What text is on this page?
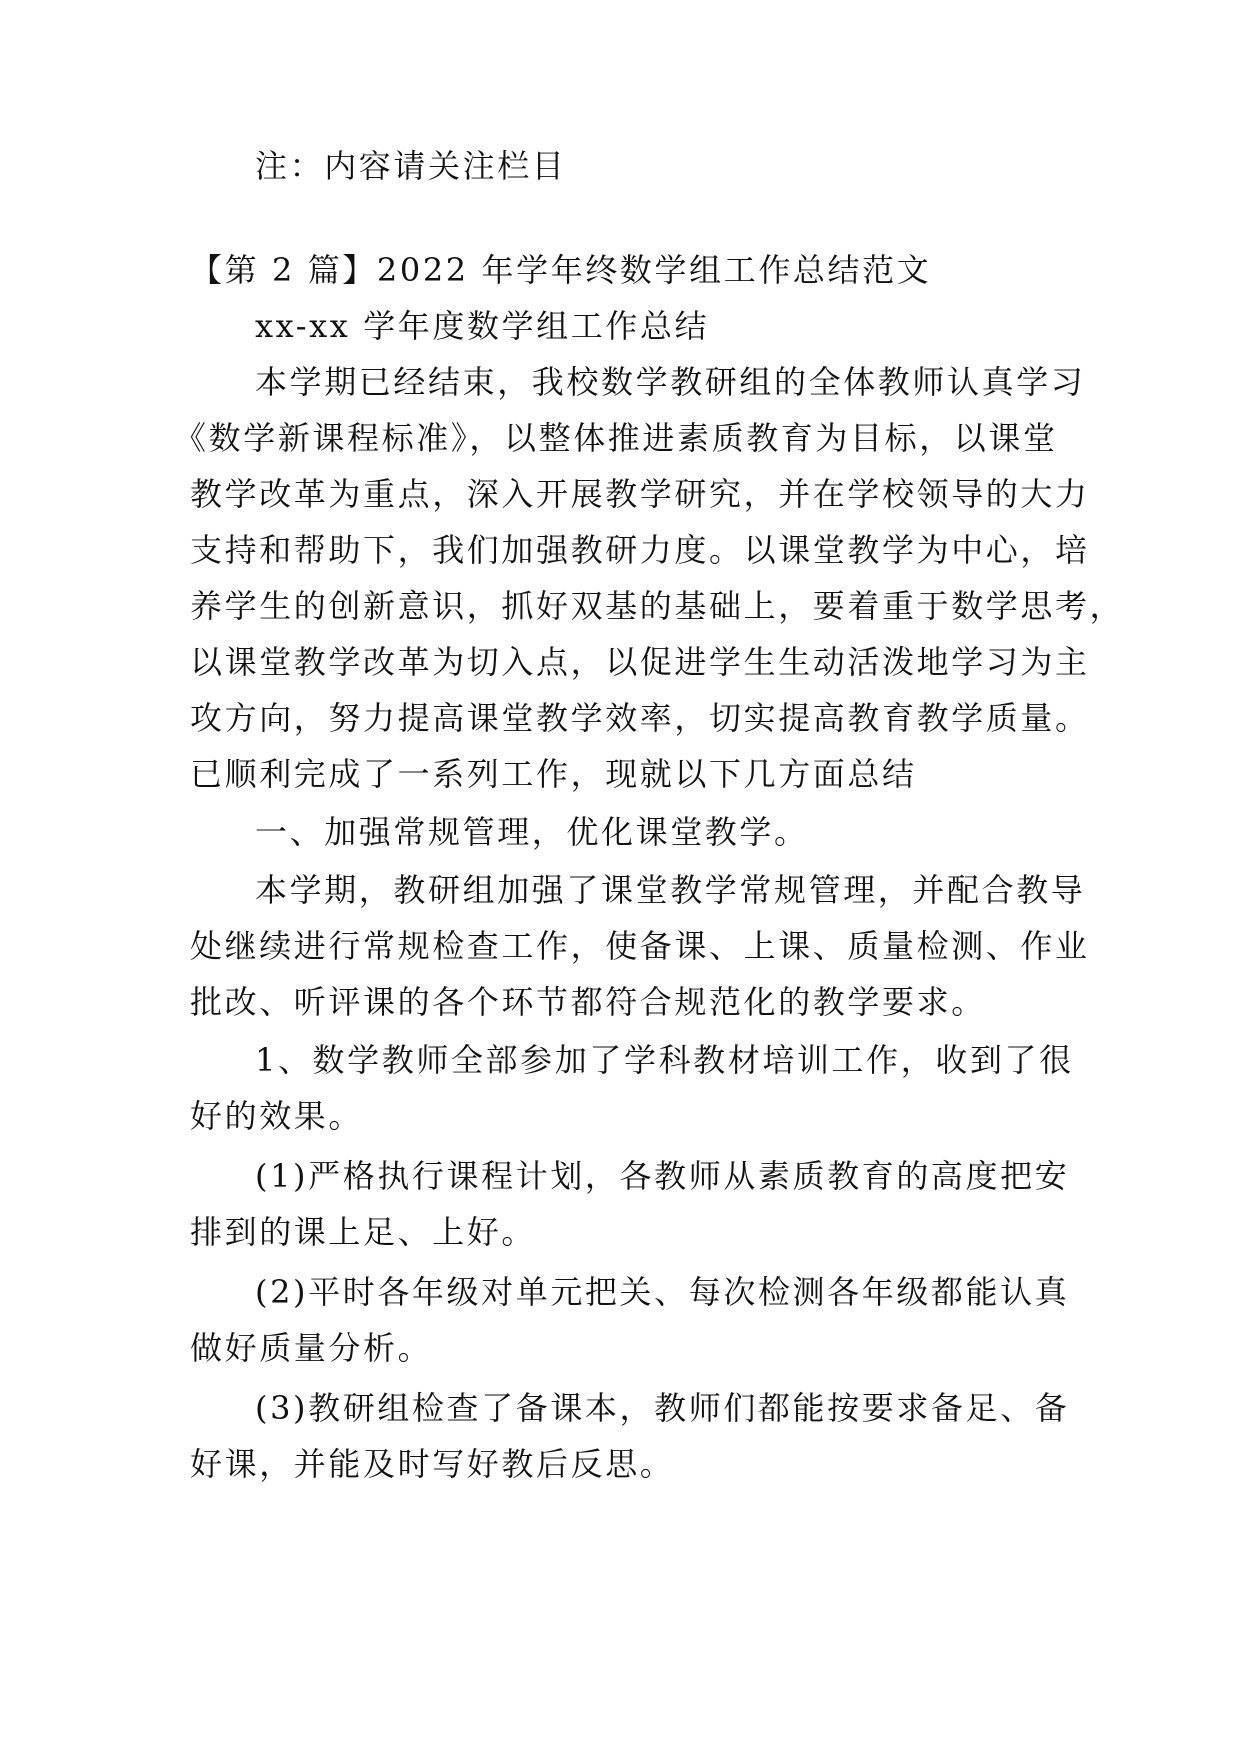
注：内容请关注栏目
【第 2 篇】2022 年学年终数学组工作总结范文
xx-xx 学年度数学组工作总结
本学期已经结束，我校数学教研组的全体教师认真学习
《数学新课程标准》，以整体推进素质教育为目标，以课堂
教学改革为重点，深入开展教学研究，并在学校领导的大力
支持和帮助下，我们加强教研力度。以课堂教学为中心，培
养学生的创新意识，抓好双基的基础上，要着重于数学思考，
以课堂教学改革为切入点，以促进学生生动活泼地学习为主
攻方向，努力提高课堂教学效率，切实提高教育教学质量。
已顺利完成了一系列工作，现就以下几方面总结
一、加强常规管理，优化课堂教学。
本学期，教研组加强了课堂教学常规管理，并配合教导
处继续进行常规检查工作，使备课、上课、质量检测、作业
批改、听评课的各个环节都符合规范化的教学要求。
1、数学教师全部参加了学科教材培训工作，收到了很
好的效果。
(1)严格执行课程计划，各教师从素质教育的高度把安
排到的课上足、上好。
(2)平时各年级对单元把关、每次检测各年级都能认真
做好质量分析。
(3)教研组检查了备课本，教师们都能按要求备足、备
好课，并能及时写好教后反思。
